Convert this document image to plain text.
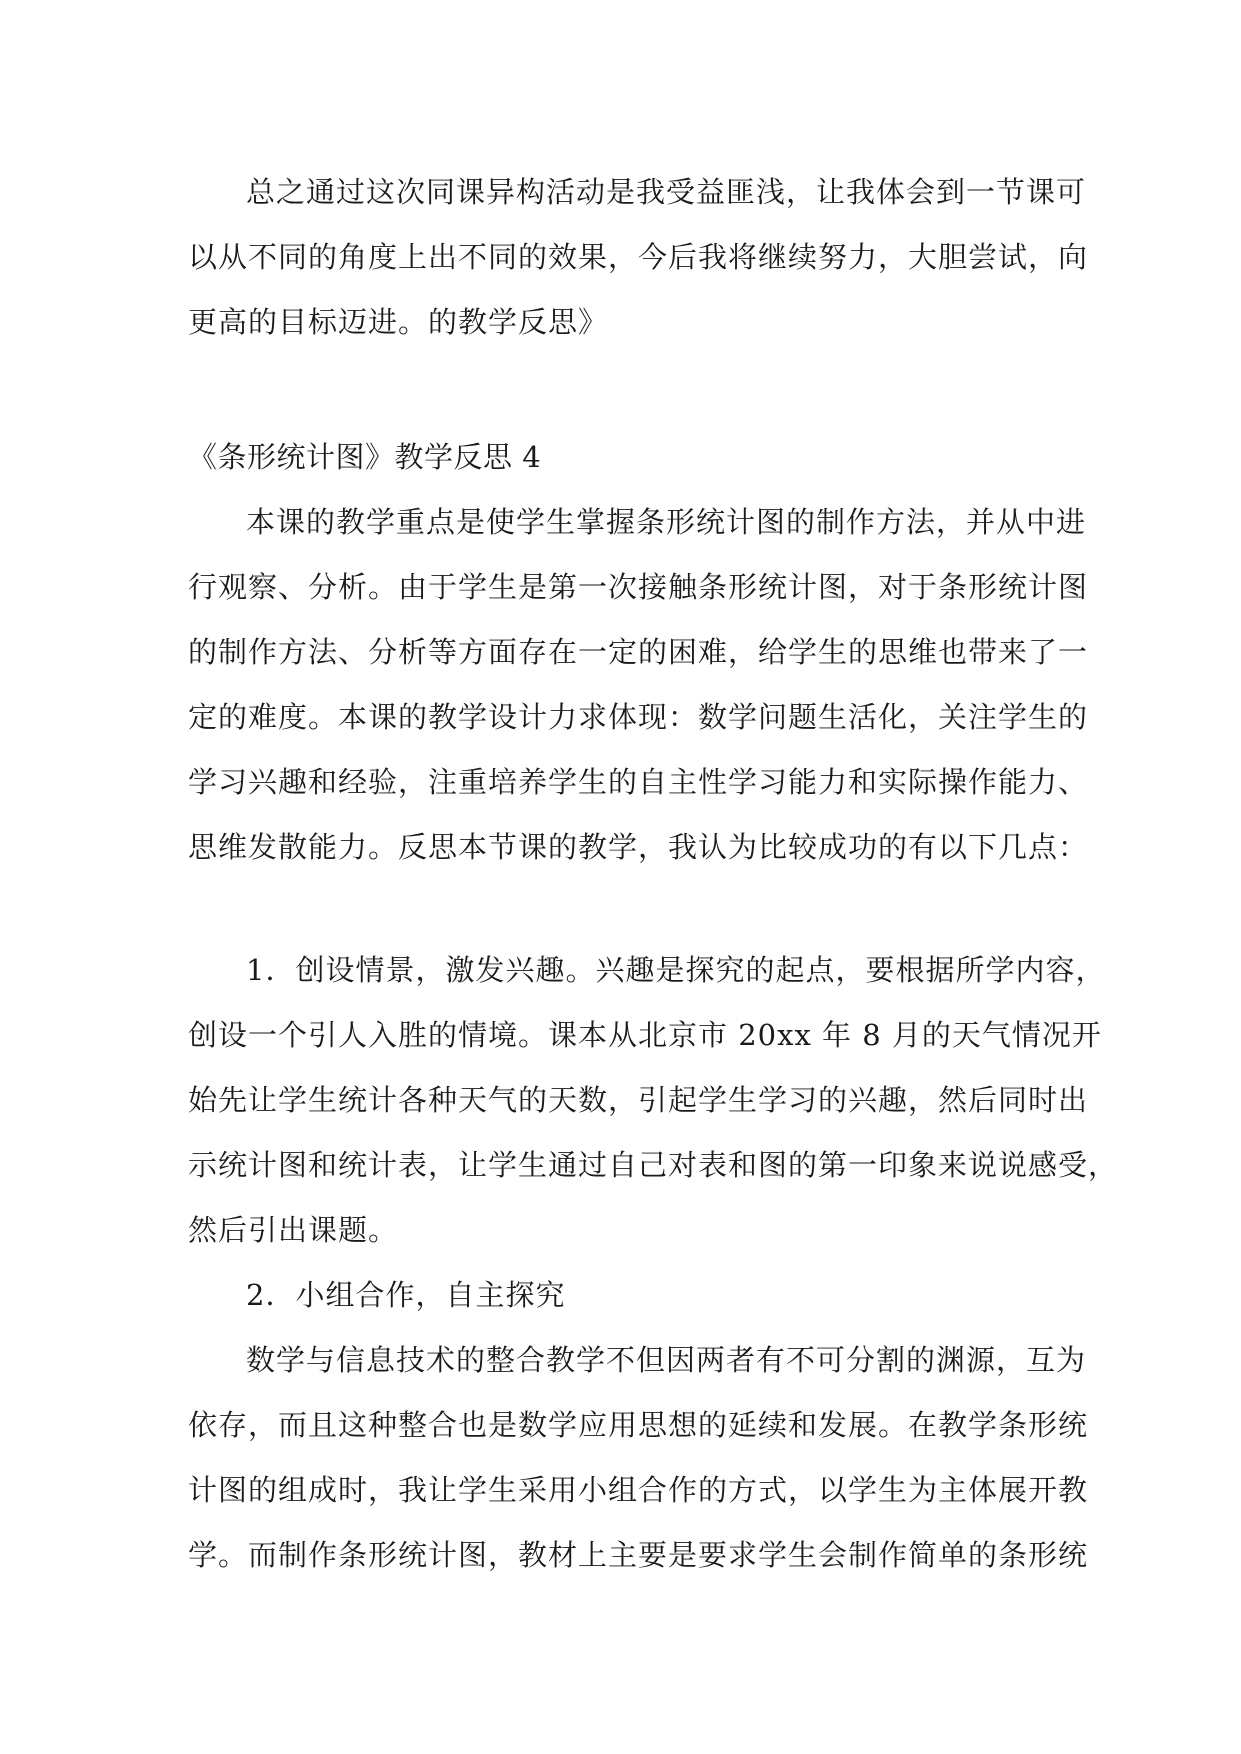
总之通过这次同课异构活动是我受益匪浅，让我体会到一节课可
以从不同的角度上出不同的效果，今后我将继续努力，大胆尝试，向
更高的目标迈进。的教学反思》
《条形统计图》教学反思 4
本课的教学重点是使学生掌握条形统计图的制作方法，并从中进
行观察、分析。由于学生是第一次接触条形统计图，对于条形统计图
的制作方法、分析等方面存在一定的困难，给学生的思维也带来了一
定的难度。本课的教学设计力求体现：数学问题生活化，关注学生的
学习兴趣和经验，注重培养学生的自主性学习能力和实际操作能力、
思维发散能力。反思本节课的教学，我认为比较成功的有以下几点：
1．创设情景，激发兴趣。兴趣是探究的起点，要根据所学内容，
创设一个引人入胜的情境。课本从北京市 20xx 年 8 月的天气情况开
始先让学生统计各种天气的天数，引起学生学习的兴趣，然后同时出
示统计图和统计表，让学生通过自己对表和图的第一印象来说说感受，
然后引出课题。
2．小组合作，自主探究
数学与信息技术的整合教学不但因两者有不可分割的渊源，互为
依存，而且这种整合也是数学应用思想的延续和发展。在教学条形统
计图的组成时，我让学生采用小组合作的方式，以学生为主体展开教
学。而制作条形统计图，教材上主要是要求学生会制作简单的条形统
